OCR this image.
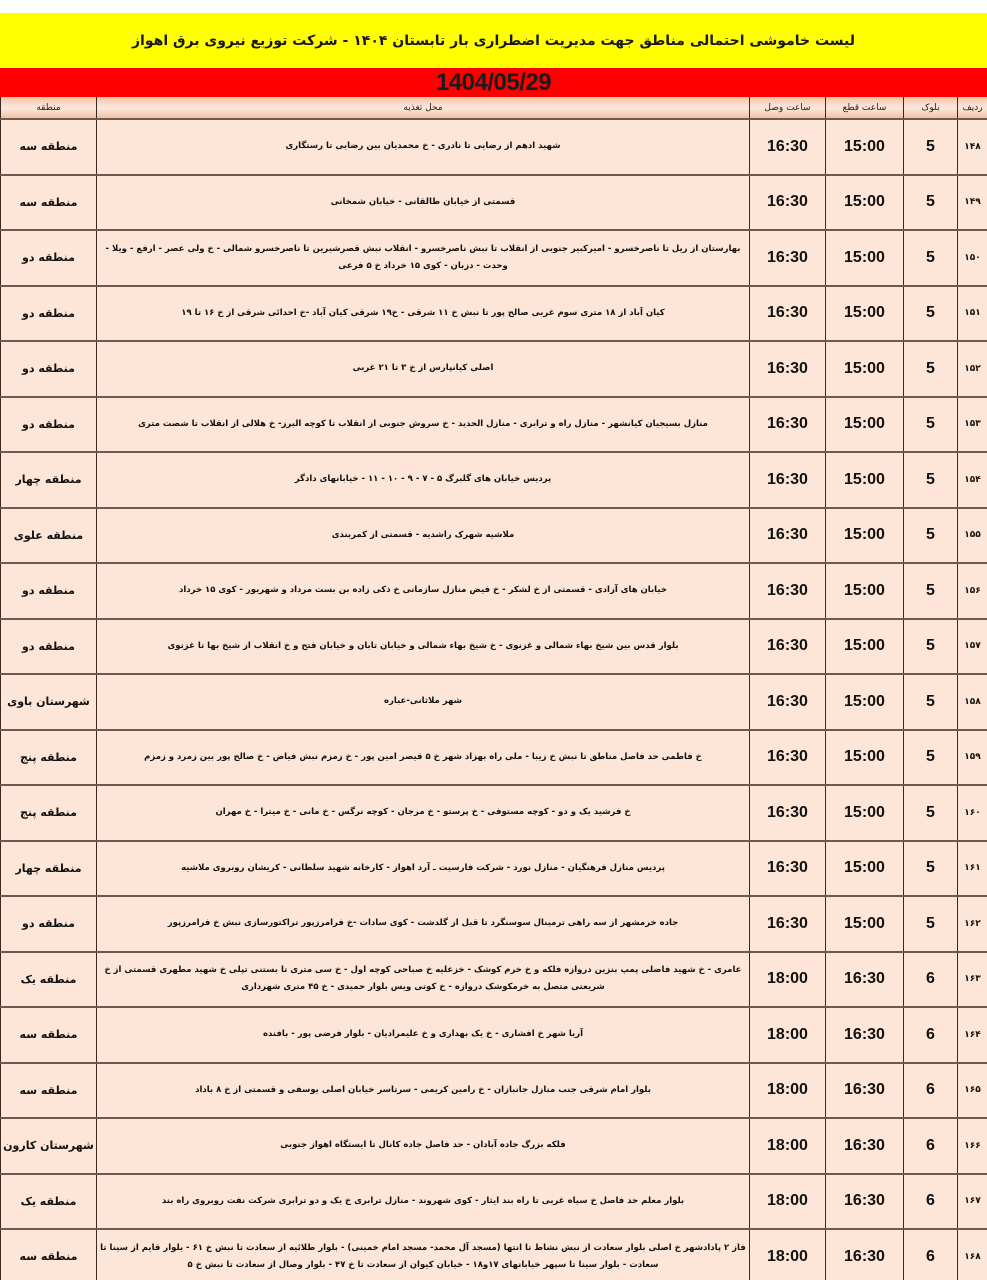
لیست خاموشی احتمالی مناطق جهت مدیریت اضطراری بار تابستان ۱۴۰۴ - شرکت توزیع نیروی برق اهواز
1404/05/29
ردیف	بلوک	ساعت قطع	ساعت وصل	محل تغذیه	منطقه
۱۴۸	5	15:00	16:30	شهید ادهم از رضایی تا نادری - خ محمدیان بین رضایی تا رستگاری	منطقه سه
۱۴۹	5	15:00	16:30	قسمتی از خیابان طالقانی - خیابان شمخانی	منطقه سه
۱۵۰	5	15:00	16:30	بهارستان از ریل تا ناصرخسرو - امیرکبیر جنوبی از انقلاب تا نبش ناصرخسرو - انقلاب نبش قصرشیرین تا ناصرخسرو شمالی - خ ولی عصر - ارفع - ویلا - وحدت - دزبان - کوی ۱۵ خرداد خ ۵ فرعی	منطقه دو
۱۵۱	5	15:00	16:30	کیان آباد از ۱۸ متری سوم غربی صالح پور تا نبش خ ۱۱ شرقی - خ۱۹ شرقی کیان آباد -خ احدائی شرقی از خ ۱۶ تا ۱۹	منطقه دو
۱۵۲	5	15:00	16:30	اصلی کیانپارس از خ ۳ تا ۲۱ غربی	منطقه دو
۱۵۳	5	15:00	16:30	منازل بسیجیان کیانشهر - منازل راه و ترابری - منازل الحدید - خ سروش جنوبی از انقلاب تا کوچه البرز- خ هلالی از انقلاب تا شصت متری	منطقه دو
۱۵۴	5	15:00	16:30	پردیس خیابان های گلبرگ ۵ - ۷ - ۹ - ۱۰ - ۱۱ - خیابانهای دادگر	منطقه چهار
۱۵۵	5	15:00	16:30	ملاشیه شهرک راشدیه - قسمتی از کمربندی	منطقه علوی
۱۵۶	5	15:00	16:30	خیابان های آزادی - قسمتی از خ لشکر - خ فیض منازل سازمانی خ ذکی زاده بن بست مرداد و شهریور - کوی ۱۵ خرداد	منطقه دو
۱۵۷	5	15:00	16:30	بلوار قدس بین شیخ بهاء شمالی و غزنوی - خ شیخ بهاء شمالی و خیابان تابان و خیابان فتح و خ انقلاب از شیخ بها تا غزنوی	منطقه دو
۱۵۸	5	15:00	16:30	شهر ملاثانی-عباره	شهرستان باوی
۱۵۹	5	15:00	16:30	خ فاطمی حد فاصل مناطق تا نبش خ زیبا - ملی راه بهزاد شهر خ ۵ قیصر امین پور - خ زمزم نبش فیاض - خ صالح پور بین زمرد و زمزم	منطقه پنج
۱۶۰	5	15:00	16:30	خ فرشید یک و دو - کوچه مستوفی - خ پرستو - خ مرجان - کوچه نرگس - خ مانی - خ میترا - خ مهران	منطقه پنج
۱۶۱	5	15:00	16:30	پردیس منازل فرهنگیان - منازل نورد - شرکت فارسیت ـ آرد اهواز - کارخانه شهید سلطانی - کریشان روبروی ملاشیه	منطقه چهار
۱۶۲	5	15:00	16:30	جاده خرمشهر از سه راهی ترمینال سوسنگرد تا قبل از گلدشت - کوی سادات -خ فرامرزپور تراکتورسازی نبش خ فرامرزپور	منطقه دو
۱۶۳	6	16:30	18:00	عامری - خ شهید فاضلی پمپ بنزین دروازه فلکه و خ خرم کوشک - خزعلیه خ صباحی کوچه اول - خ سی متری تا بستنی تپلی خ شهید مطهری قسمتی از خ شریعتی متصل به خرمکوشک دروازه - خ کوتی ویس بلوار حمیدی - خ ۴۵ متری شهرداری	منطقه یک
۱۶۴	6	16:30	18:00	آریا شهر خ افشاری - خ یک بهداری و خ علیمرادیان - بلوار فرضی پور - بافنده	منطقه سه
۱۶۵	6	16:30	18:00	بلوار امام شرقی جنب منازل جانبازان - خ رامین کریمی - سرتاسر خیابان اصلی یوسفی و قسمتی از خ ۸ باداد	منطقه سه
۱۶۶	6	16:30	18:00	فلکه بزرگ جاده آبادان - حد فاصل جاده کانال تا ایستگاه اهواز جنوبی	شهرستان کارون
۱۶۷	6	16:30	18:00	بلوار معلم حد فاصل خ سیاه غربی تا راه بند ایثار - کوی شهروند - منازل ترابری خ یک و دو ترابری شرکت نفت روبروی راه بند	منطقه یک
۱۶۸	6	16:30	18:00	فاز ۲ پادادشهر خ اصلی بلوار سعادت از نبش نشاط تا انتها (مسجد آل محمد- مسجد امام خمینی) - بلوار طلائیه از سعادت تا نبش خ ۶۱ - بلوار قایم از سینا تا سعادت - بلوار سینا تا سپهر خیابانهای ۱۷و۱۸ - خیابان کیوان از سعادت تا خ ۴۷ - بلوار وصال از سعادت تا نبش خ ۵	منطقه سه
